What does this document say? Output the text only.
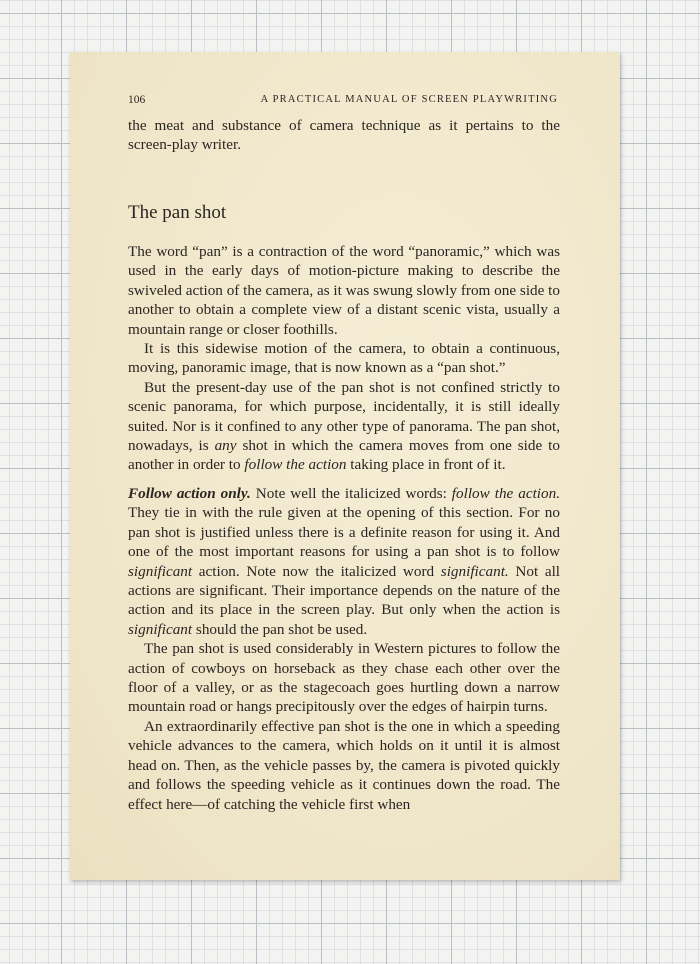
106	A PRACTICAL MANUAL OF SCREEN PLAYWRITING

the meat and substance of camera technique as it pertains to the screen-play writer.

The pan shot

The word “pan” is a contraction of the word “panoramic,” which was used in the early days of motion-picture making to describe the swiveled action of the camera, as it was swung slowly from one side to another to obtain a complete view of a distant scenic vista, usually a mountain range or closer foothills.

It is this sidewise motion of the camera, to obtain a continuous, moving, panoramic image, that is now known as a “pan shot.”

But the present-day use of the pan shot is not confined strictly to scenic panorama, for which purpose, incidentally, it is still ideally suited. Nor is it confined to any other type of panorama. The pan shot, nowadays, is any shot in which the camera moves from one side to another in order to follow the action taking place in front of it.

Follow action only. Note well the italicized words: follow the action. They tie in with the rule given at the opening of this section. For no pan shot is justified unless there is a definite reason for using it. And one of the most important reasons for using a pan shot is to follow significant action. Note now the italicized word significant. Not all actions are significant. Their importance depends on the nature of the action and its place in the screen play. But only when the action is significant should the pan shot be used.

The pan shot is used considerably in Western pictures to follow the action of cowboys on horseback as they chase each other over the floor of a valley, or as the stagecoach goes hurtling down a narrow mountain road or hangs precipitously over the edges of hairpin turns.

An extraordinarily effective pan shot is the one in which a speeding vehicle advances to the camera, which holds on it until it is almost head on. Then, as the vehicle passes by, the camera is pivoted quickly and follows the speeding vehicle as it continues down the road. The effect here—of catching the vehicle first when
